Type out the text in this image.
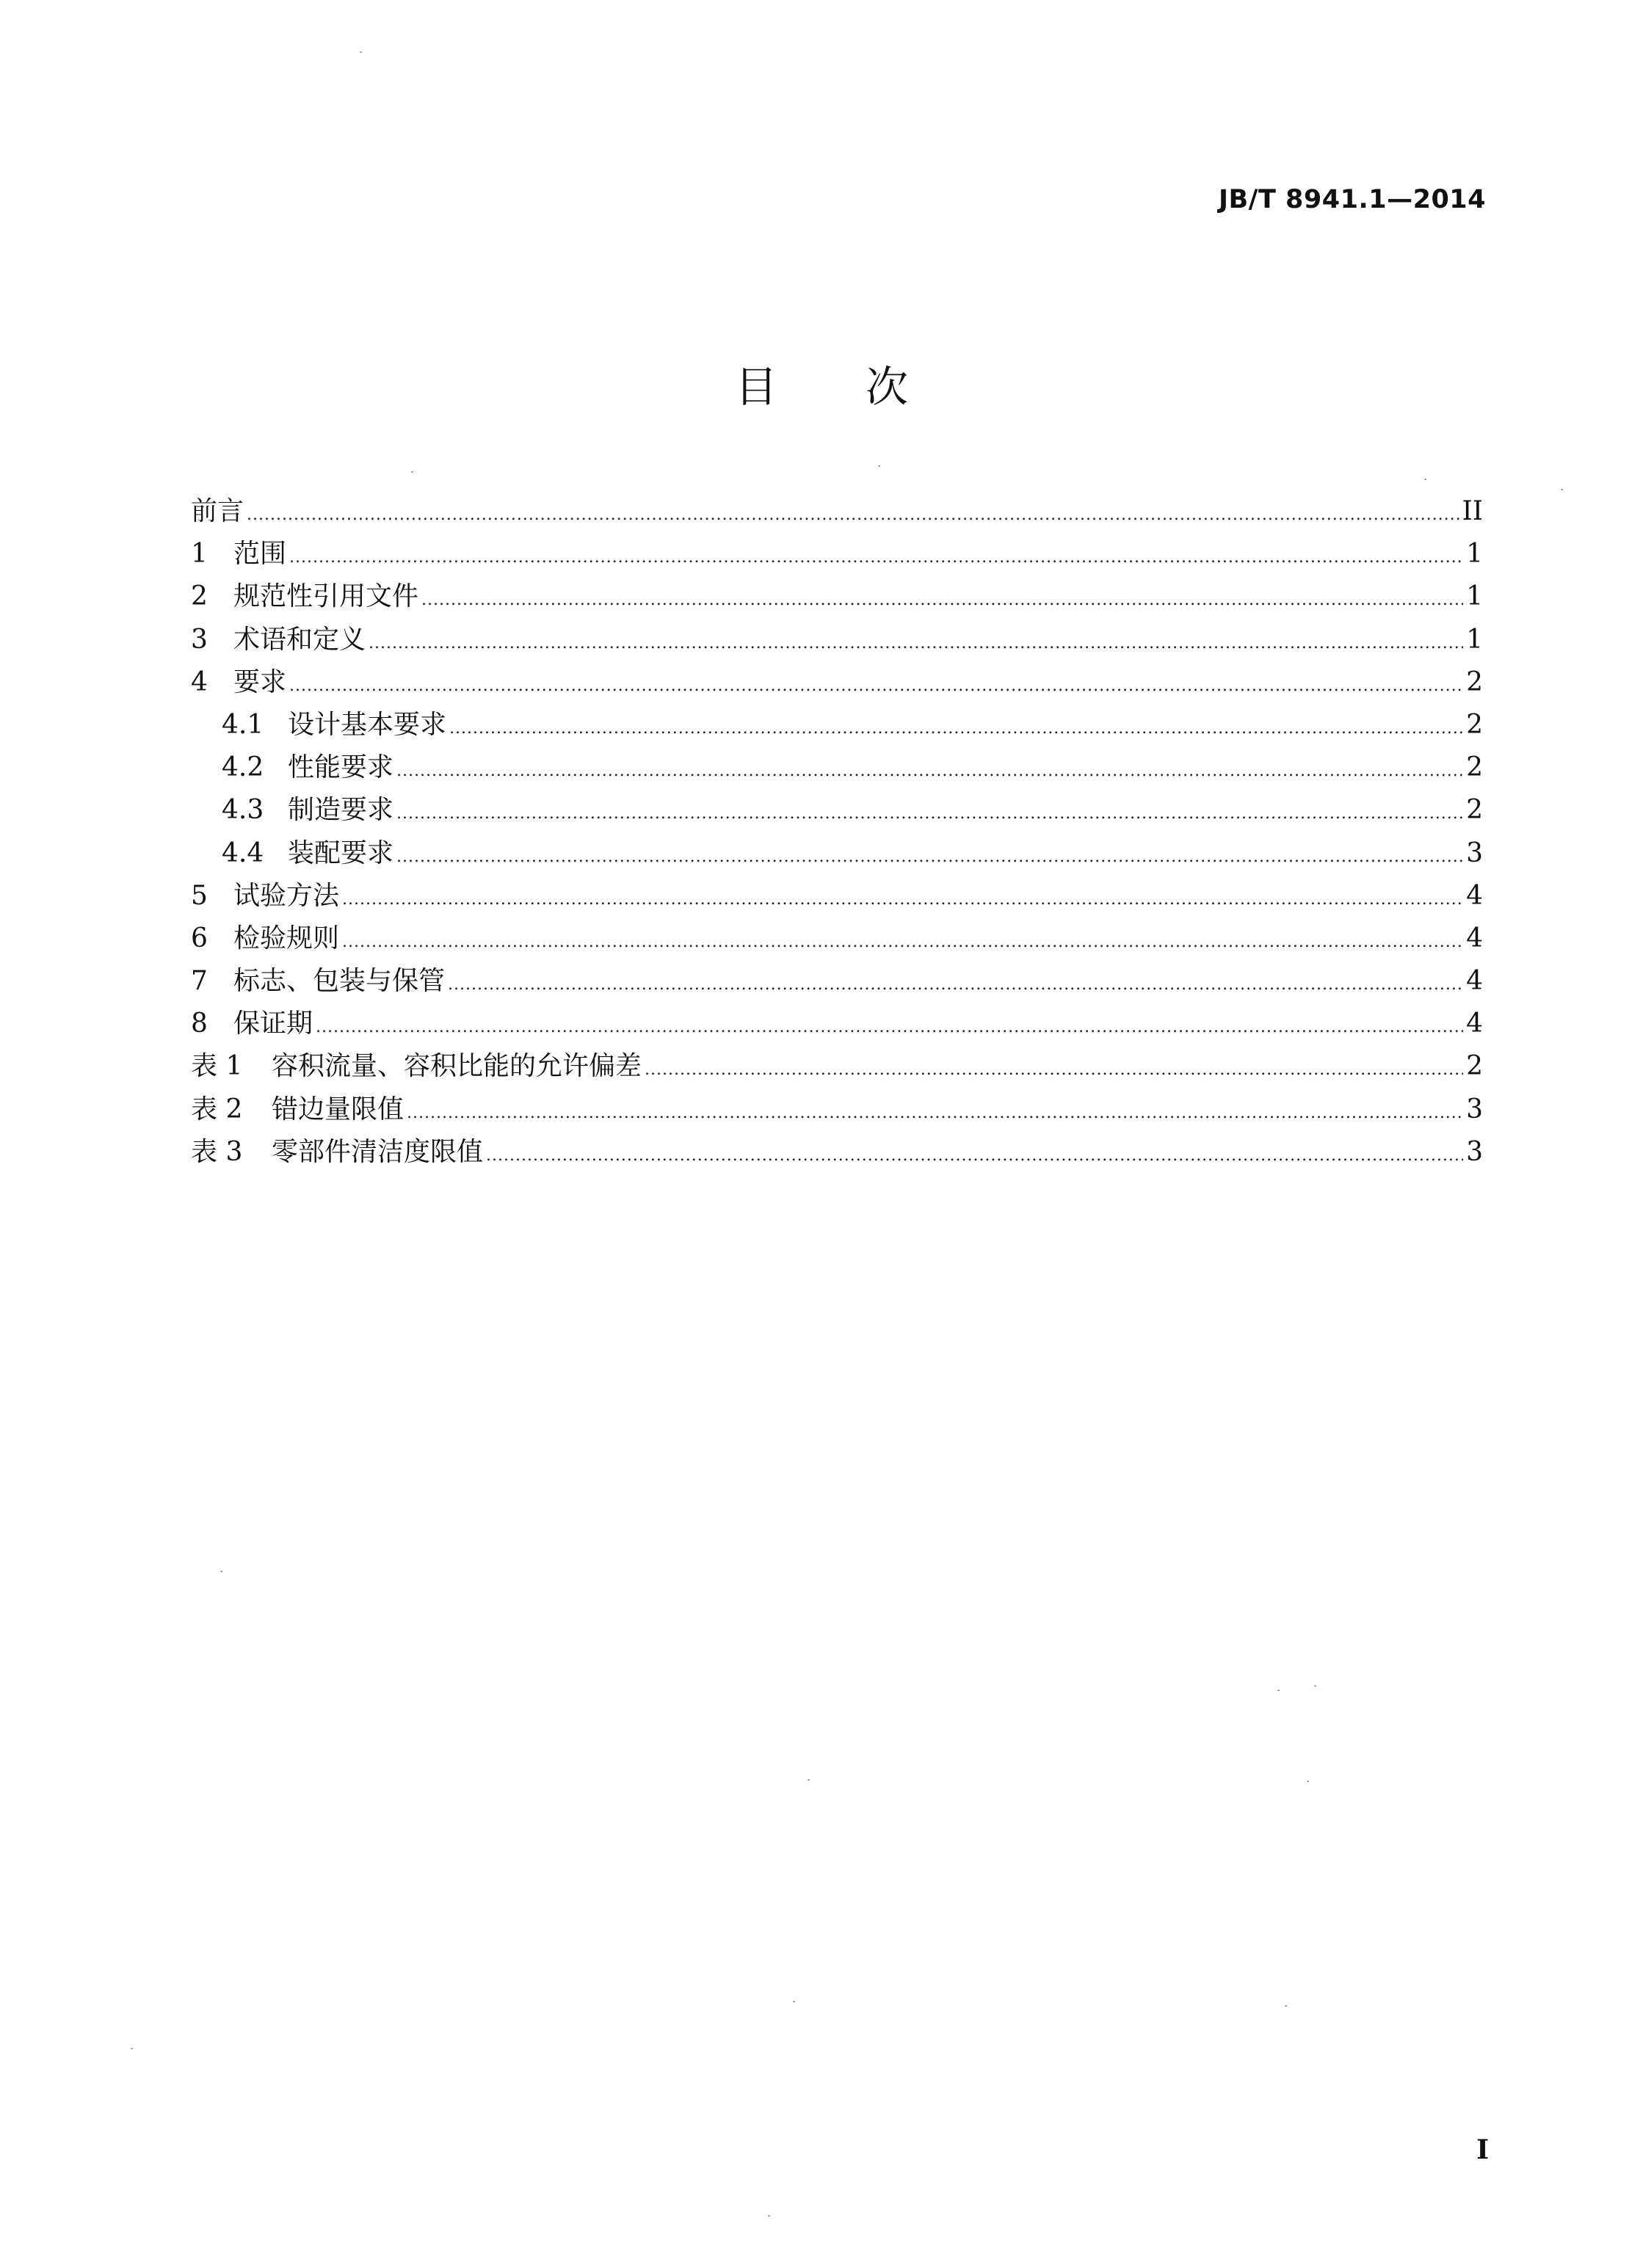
JB/T 8941.1—2014
目次
前言 .....	II
1 范围 .....	1
2 规范性引用文件 .....	1
3 术语和定义 .....	1
4 要求 .....	2
4.1 设计基本要求 .....	2
4.2 性能要求 .....	2
4.3 制造要求 .....	2
4.4 装配要求 .....	3
5 试验方法 .....	4
6 检验规则 .....	4
7 标志、包装与保管 .....	4
8 保证期 .....	4
表 1	容积流量、容积比能的允许偏差 .....	2
表 2	错边量限值 .....	3
表 3	零部件清洁度限值 .....	3
I
